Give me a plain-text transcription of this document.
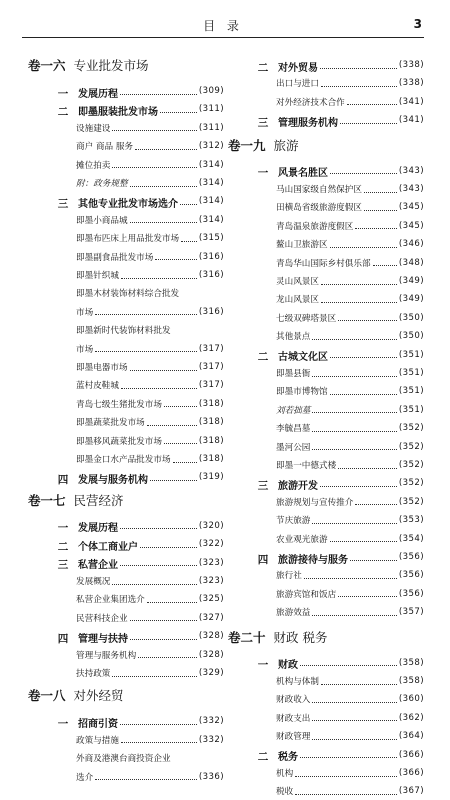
目 录	3
卷一六 专业批发市场
一 发展历程	(309)
二 即墨服装批发市场	(311)
设施建设	(311)
商户 商品 服务	(312)
摊位拍卖	(314)
附：政务规整	(314)
三 其他专业批发市场选介 (314)
即墨小商品城	(314)
即墨布匹床上用品批发市场 (315)
即墨副食品批发市场	(316)
即墨针织城	(316)
即墨木材装饰材料综合批发
市场	(316)
即墨新时代装饰材料批发
市场	(317)
即墨电器市场	(317)
蓝村皮鞋城	(317)
青岛七级生猪批发市场	(318)
即墨蔬菜批发市场	(318)
即墨移风蔬菜批发市场	(318)
即墨金口水产品批发市场	(318)
四 发展与服务机构	(319)
卷一七 民营经济
一 发展历程	(320)
二 个体工商业户	(322)
三 私营企业	(323)
发展概况	(323)
私营企业集团选介	(325)
民营科技企业	(327)
四 管理与扶持	(328)
管理与服务机构	(328)
扶持政策	(329)
卷一八 对外经贸
一 招商引资	(332)
政策与措施	(332)
外商及港澳台商投资企业
选介	(336)
二 对外贸易	(338)
出口与进口	(338)
对外经济技术合作	(341)
三 管理服务机构	(341)
卷一九 旅游
一 风景名胜区	(343)
马山国家级自然保护区	(343)
田横岛省级旅游度假区	(345)
青岛温泉旅游度假区	(345)
鳌山卫旅游区	(346)
青岛华山国际乡村俱乐部	(348)
灵山风景区	(349)
龙山风景区	(349)
七级双碑塔景区	(350)
其他景点	(350)
二 古城文化区	(351)
即墨县衙	(351)
即墨市博物馆	(351)
刘若拙墓	(351)
李毓昌墓	(352)
墨河公园	(352)
即墨一中德式楼	(352)
三 旅游开发	(352)
旅游规划与宣传推介	(352)
节庆旅游	(353)
农业观光旅游	(354)
四 旅游接待与服务	(356)
旅行社	(356)
旅游宾馆和饭店	(356)
旅游效益	(357)
卷二十 财政 税务
一 财政	(358)
机构与体制	(358)
财政收入	(360)
财政支出	(362)
财政管理	(364)
二 税务	(366)
机构	(366)
税收	(367)
